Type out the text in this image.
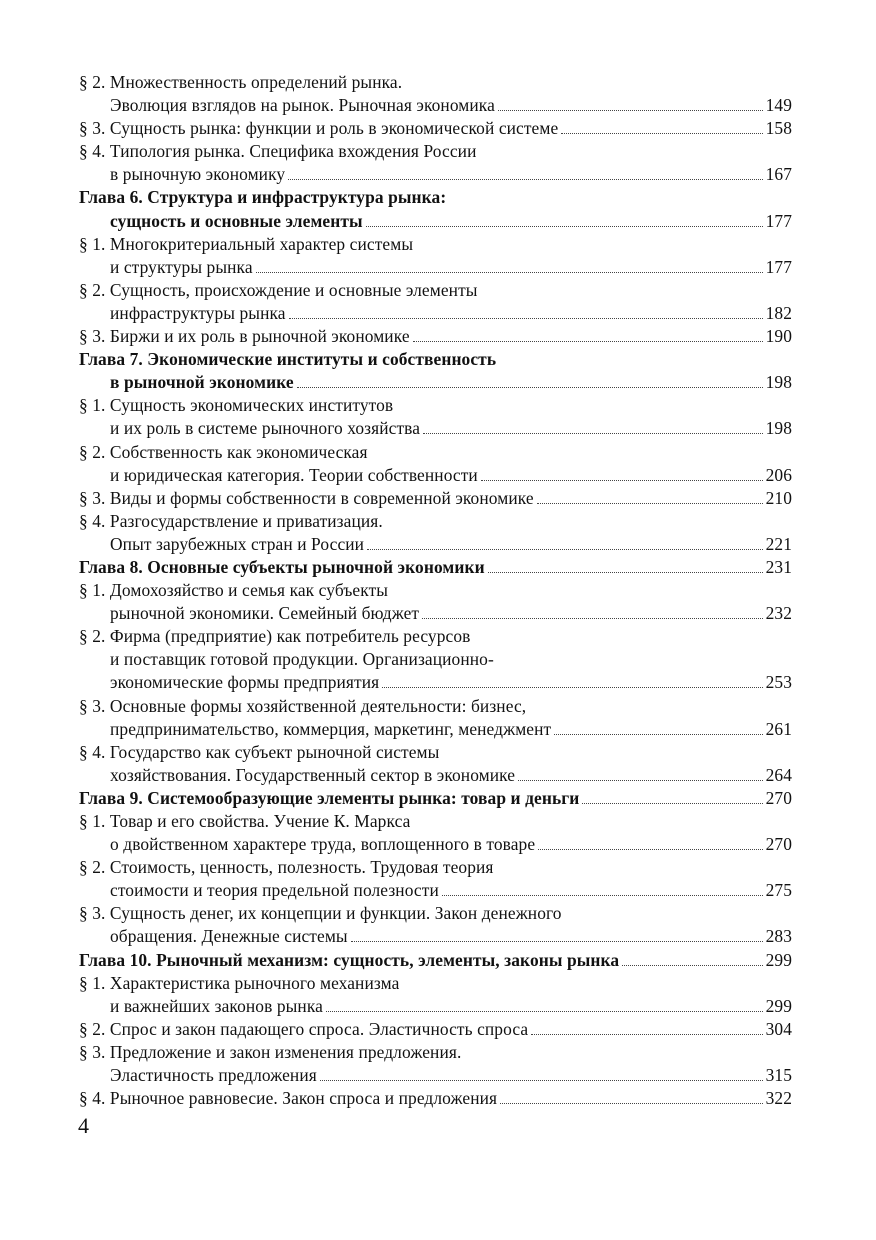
§ 2. Множественность определений рынка.
Эволюция взглядов на рынок. Рыночная экономика	149
§ 3. Сущность рынка: функции и роль в экономической системе	158
§ 4. Типология рынка. Специфика вхождения России
в рыночную экономику	167
Глава 6. Структура и инфраструктура рынка:
сущность и основные элементы	177
§ 1. Многокритериальный характер системы
и структуры рынка	177
§ 2. Сущность, происхождение и основные элементы
инфраструктуры рынка	182
§ 3. Биржи и их роль в рыночной экономике	190
Глава 7. Экономические институты и собственность
в рыночной экономике	198
§ 1. Сущность экономических институтов
и их роль в системе рыночного хозяйства	198
§ 2. Собственность как экономическая
и юридическая категория. Теории собственности	206
§ 3. Виды и формы собственности в современной экономике	210
§ 4. Разгосударствление и приватизация.
Опыт зарубежных стран и России	221
Глава 8. Основные субъекты рыночной экономики	231
§ 1. Домохозяйство и семья как субъекты
рыночной экономики. Семейный бюджет	232
§ 2. Фирма (предприятие) как потребитель ресурсов
и поставщик готовой продукции. Организационно-
экономические формы предприятия	253
§ 3. Основные формы хозяйственной деятельности: бизнес,
предпринимательство, коммерция, маркетинг, менеджмент	261
§ 4. Государство как субъект рыночной системы
хозяйствования. Государственный сектор в экономике	264
Глава 9. Системообразующие элементы рынка: товар и деньги	270
§ 1. Товар и его свойства. Учение К. Маркса
о двойственном характере труда, воплощенного в товаре	270
§ 2. Стоимость, ценность, полезность. Трудовая теория
стоимости и теория предельной полезности	275
§ 3. Сущность денег, их концепции и функции. Закон денежного
обращения. Денежные системы	283
Глава 10. Рыночный механизм: сущность, элементы, законы рынка	299
§ 1. Характеристика рыночного механизма
и важнейших законов рынка	299
§ 2. Спрос и закон падающего спроса. Эластичность спроса	304
§ 3. Предложение и закон изменения предложения.
Эластичность предложения	315
§ 4. Рыночное равновесие. Закон спроса и предложения	322
4
